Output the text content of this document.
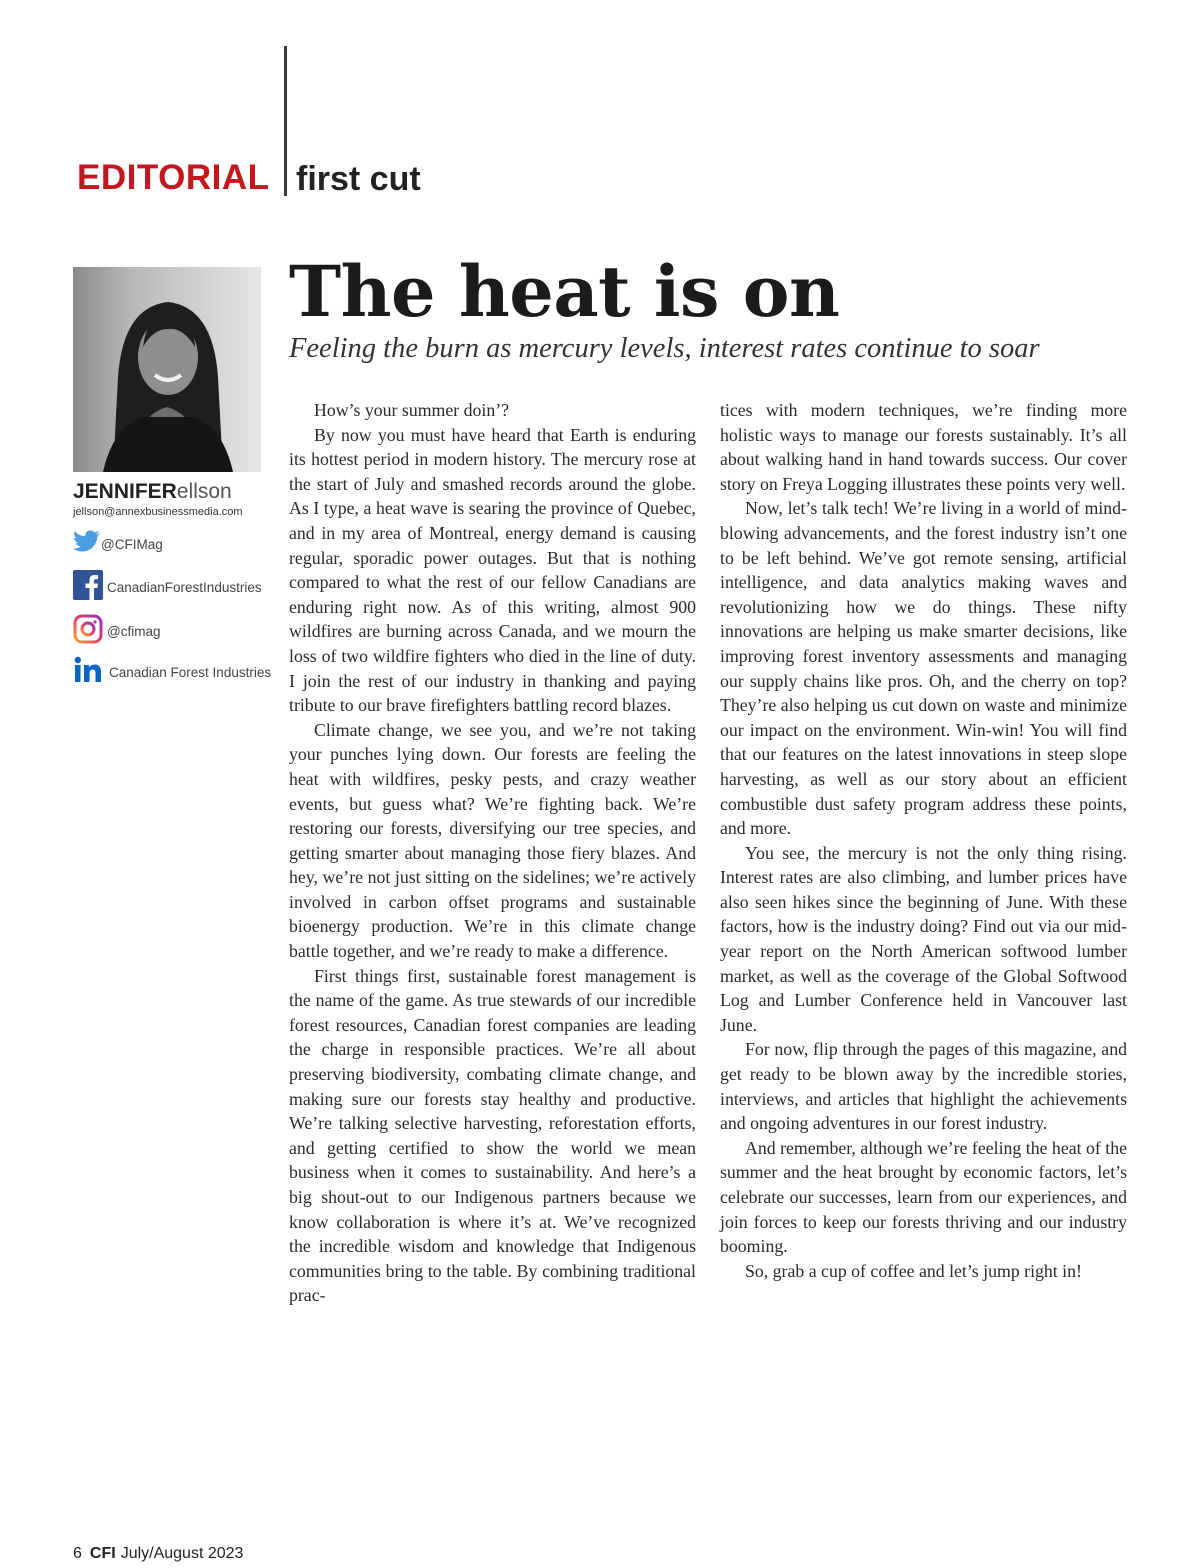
EDITORIAL first cut
JENNIFERellson
jellson@annexbusinessmedia.com
@CFIMag
CanadianForestIndustries
@cfimag
Canadian Forest Industries
The heat is on
Feeling the burn as mercury levels, interest rates continue to soar

How’s your summer doin’?

By now you must have heard that Earth is enduring its hottest period in modern history. The mercury rose at the start of July and smashed records around the globe. As I type, a heat wave is searing the province of Quebec, and in my area of Montreal, energy demand is causing regular, sporadic power outages. But that is nothing compared to what the rest of our fellow Canadians are enduring right now. As of this writing, almost 900 wildfires are burning across Canada, and we mourn the loss of two wildfire fighters who died in the line of duty. I join the rest of our industry in thanking and paying tribute to our brave firefighters battling record blazes.

Climate change, we see you, and we’re not taking your punches lying down. Our forests are feeling the heat with wildfires, pesky pests, and crazy weather events, but guess what? We’re fighting back. We’re restoring our forests, diversifying our tree species, and getting smarter about managing those fiery blazes. And hey, we’re not just sitting on the sidelines; we’re actively involved in carbon offset programs and sustainable bioenergy production. We’re in this climate change battle together, and we’re ready to make a difference.

First things first, sustainable forest management is the name of the game. As true stewards of our incredible forest resources, Canadian forest companies are leading the charge in responsible practices. We’re all about preserving biodiversity, combating climate change, and making sure our forests stay healthy and productive. We’re talking selective harvesting, reforestation efforts, and getting certified to show the world we mean business when it comes to sustainability. And here’s a big shout-out to our Indigenous partners because we know collaboration is where it’s at. We’ve recognized the incredible wisdom and knowledge that Indigenous communities bring to the table. By combining traditional prac-

tices with modern techniques, we’re finding more holistic ways to manage our forests sustainably. It’s all about walking hand in hand towards success. Our cover story on Freya Logging illustrates these points very well.

Now, let’s talk tech! We’re living in a world of mind-blowing advancements, and the forest industry isn’t one to be left behind. We’ve got remote sensing, artificial intelligence, and data analytics making waves and revolutionizing how we do things. These nifty innovations are helping us make smarter decisions, like improving forest inventory assessments and managing our supply chains like pros. Oh, and the cherry on top? They’re also helping us cut down on waste and minimize our impact on the environment. Win-win! You will find that our features on the latest innovations in steep slope harvesting, as well as our story about an efficient combustible dust safety program address these points, and more.

You see, the mercury is not the only thing rising. Interest rates are also climbing, and lumber prices have also seen hikes since the beginning of June. With these factors, how is the industry doing? Find out via our mid-year report on the North American softwood lumber market, as well as the coverage of the Global Softwood Log and Lumber Conference held in Vancouver last June.

For now, flip through the pages of this magazine, and get ready to be blown away by the incredible stories, interviews, and articles that highlight the achievements and ongoing adventures in our forest industry.

And remember, although we’re feeling the heat of the summer and the heat brought by economic factors, let’s celebrate our successes, learn from our experiences, and join forces to keep our forests thriving and our industry booming.

So, grab a cup of coffee and let’s jump right in!

6 CFI July/August 2023
